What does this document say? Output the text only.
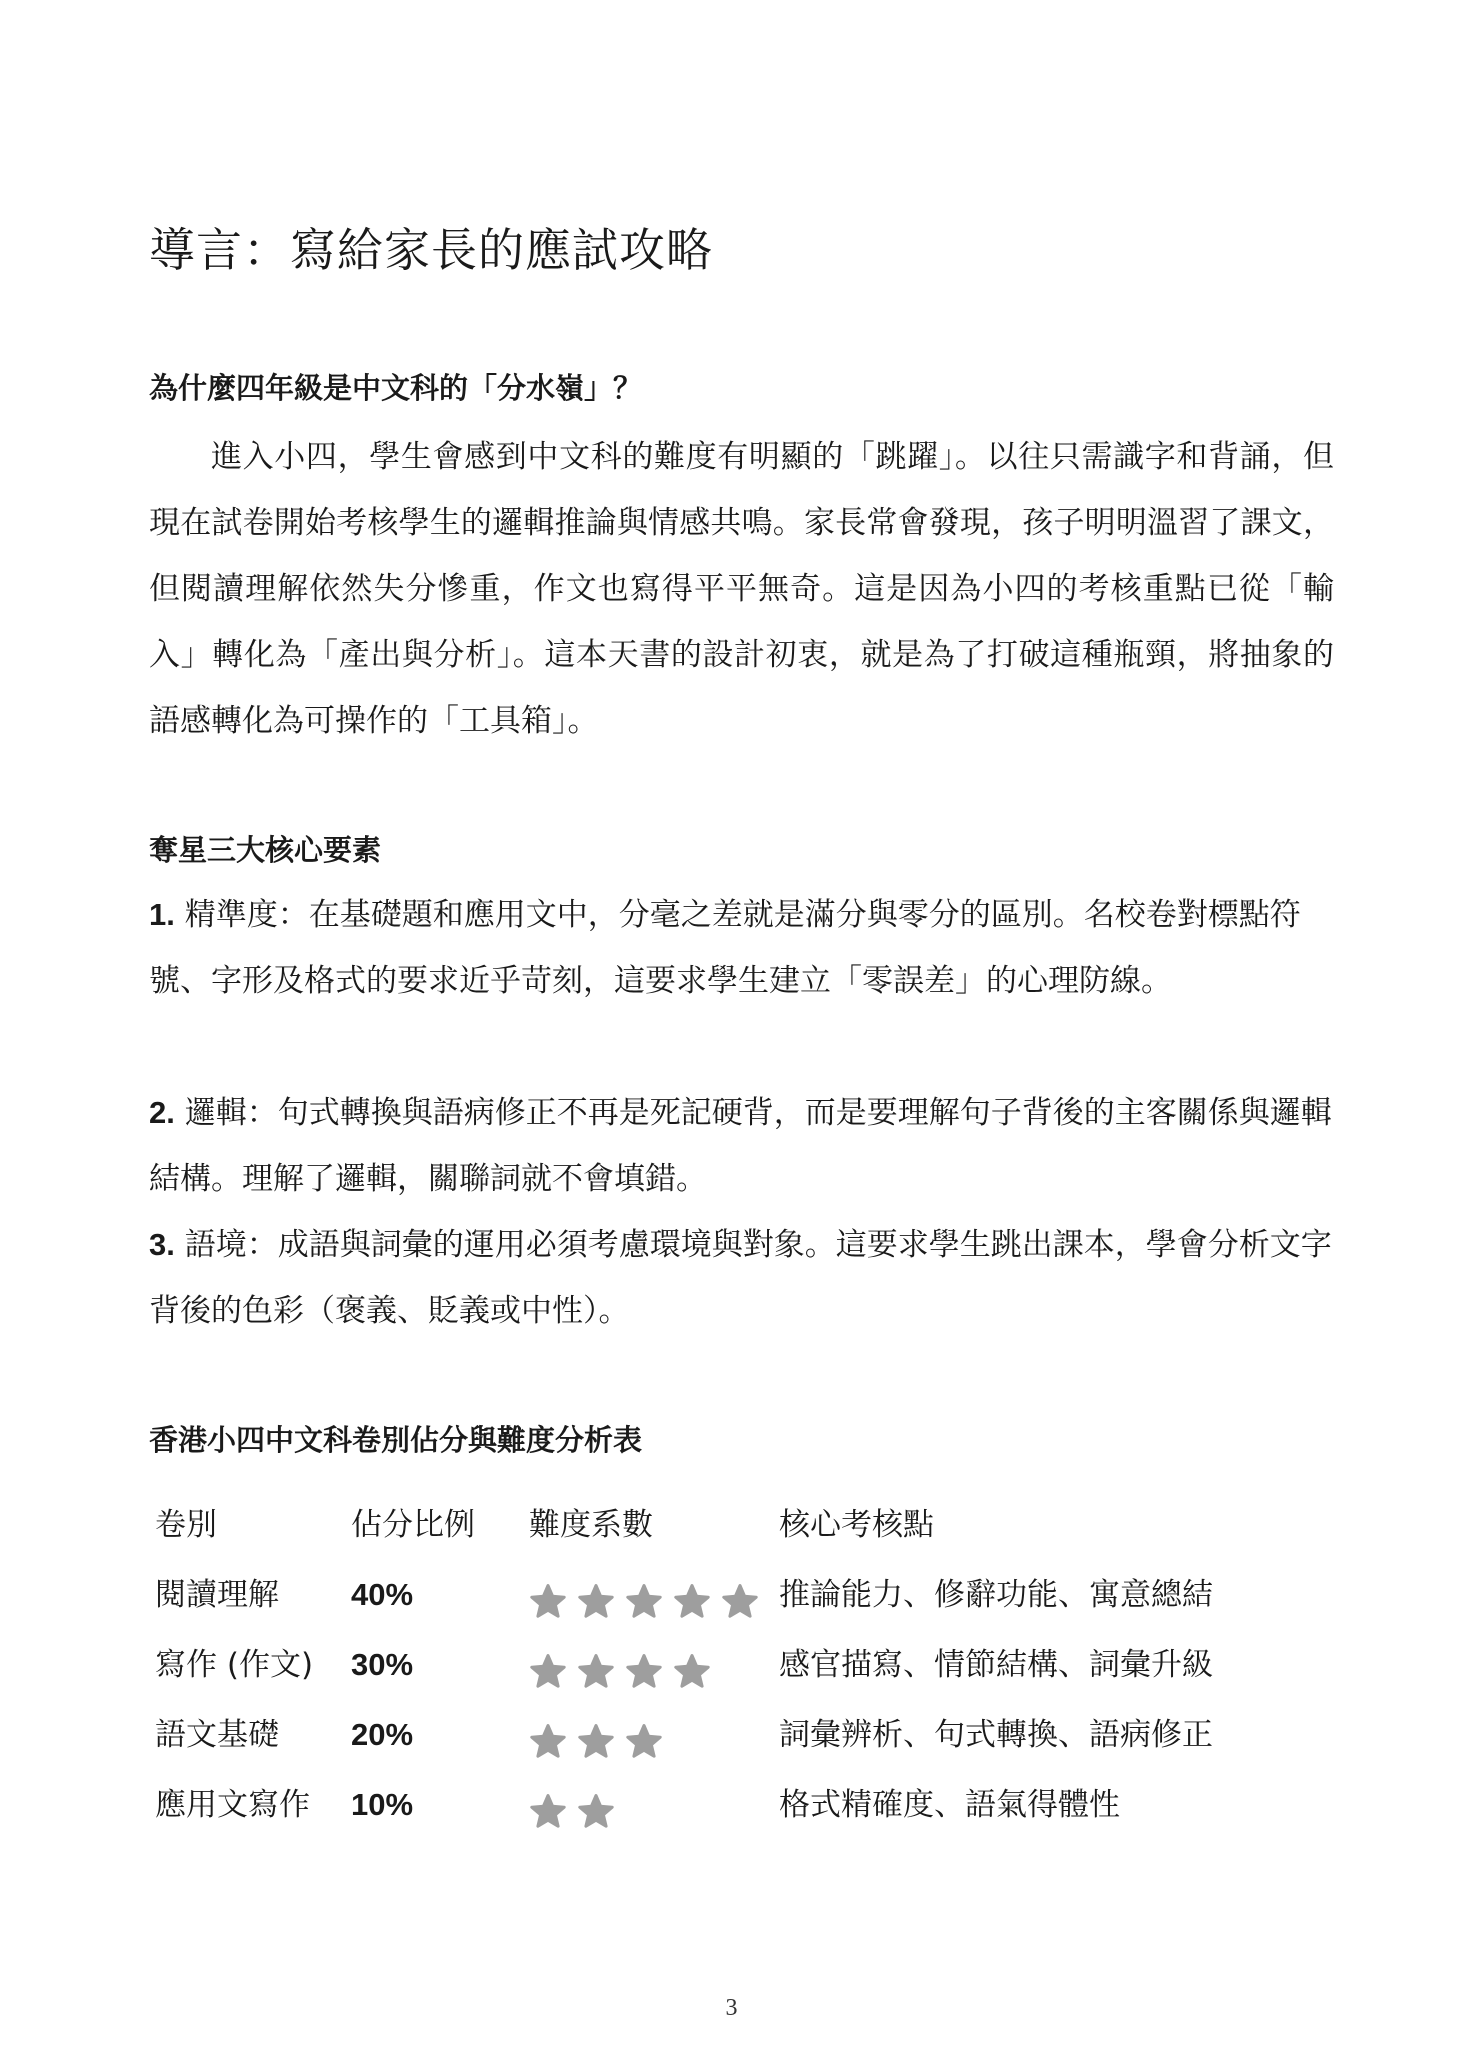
導言：寫給家長的應試攻略
為什麼四年級是中文科的「分水嶺」？

進入小四，學生會感到中文科的難度有明顯的「跳躍」。以往只需識字和背誦，但現在試卷開始考核學生的邏輯推論與情感共鳴。家長常會發現，孩子明明溫習了課文，但閱讀理解依然失分慘重，作文也寫得平平無奇。這是因為小四的考核重點已從「輸入」轉化為「產出與分析」。這本天書的設計初衷，就是為了打破這種瓶頸，將抽象的語感轉化為可操作的「工具箱」。

奪星三大核心要素

1. 精準度：在基礎題和應用文中，分毫之差就是滿分與零分的區別。名校卷對標點符號、字形及格式的要求近乎苛刻，這要求學生建立「零誤差」的心理防線。

2. 邏輯：句式轉換與語病修正不再是死記硬背，而是要理解句子背後的主客關係與邏輯結構。理解了邏輯，關聯詞就不會填錯。

3. 語境：成語與詞彙的運用必須考慮環境與對象。這要求學生跳出課本，學會分析文字背後的色彩（褒義、貶義或中性）。

香港小四中文科卷別佔分與難度分析表
卷別	佔分比例 難度系數	核心考核點
閱讀理解 40%	推論能力、修辭功能、寓意總結
寫作 (作文) 30%	感官描寫、情節結構、詞彙升級
語文基礎 20%	詞彙辨析、句式轉換、語病修正
應用文寫作 10%	格式精確度、語氣得體性
3
